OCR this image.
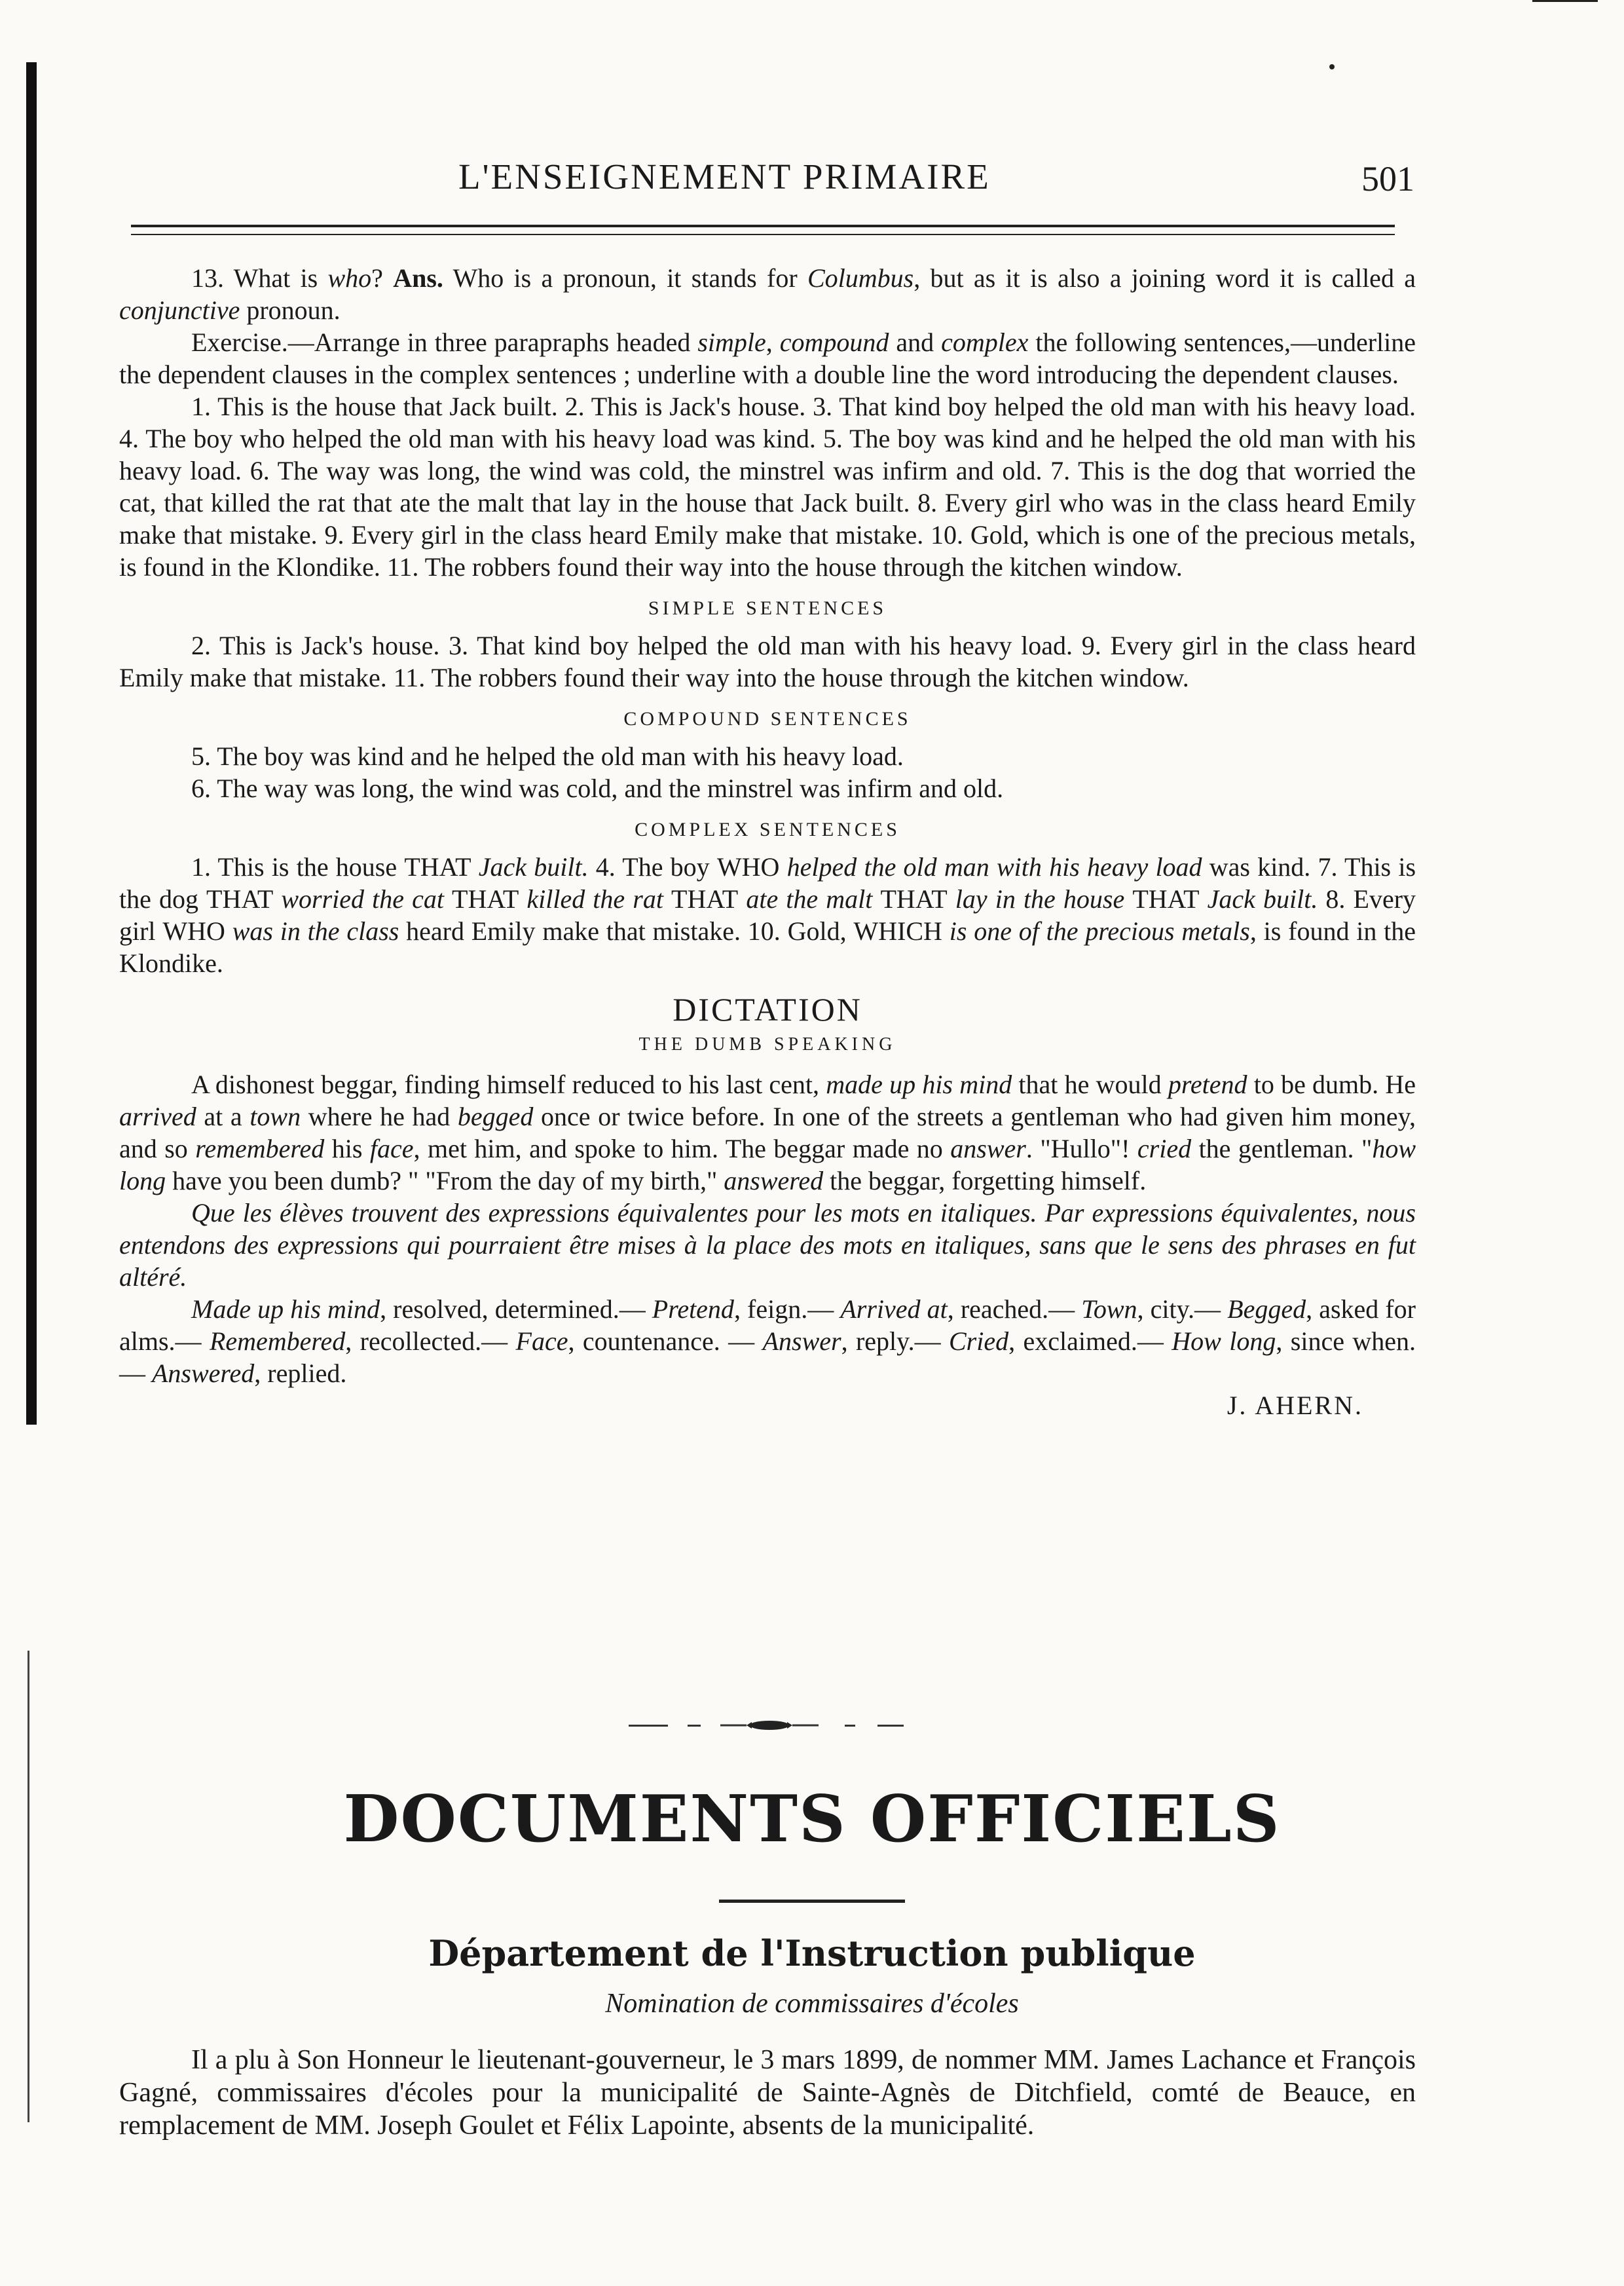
L'ENSEIGNEMENT PRIMAIRE	501

13. What is who? Ans. Who is a pronoun, it stands for Columbus, but as it is also a joining word it is called a conjunctive pronoun.

Exercise.—Arrange in three parapraphs headed simple, compound and complex the following sentences,—underline the dependent clauses in the complex sentences ; underline with a double line the word introducing the dependent clauses.

1. This is the house that Jack built. 2. This is Jack's house. 3. That kind boy helped the old man with his heavy load. 4. The boy who helped the old man with his heavy load was kind. 5. The boy was kind and he helped the old man with his heavy load. 6. The way was long, the wind was cold, the minstrel was infirm and old. 7. This is the dog that worried the cat, that killed the rat that ate the malt that lay in the house that Jack built. 8. Every girl who was in the class heard Emily make that mistake. 9. Every girl in the class heard Emily make that mistake. 10. Gold, which is one of the precious metals, is found in the Klondike. 11. The robbers found their way into the house through the kitchen window.

SIMPLE SENTENCES

2. This is Jack's house. 3. That kind boy helped the old man with his heavy load. 9. Every girl in the class heard Emily make that mistake. 11. The robbers found their way into the house through the kitchen window.

COMPOUND SENTENCES

5. The boy was kind and he helped the old man with his heavy load.

6. The way was long, the wind was cold, and the minstrel was infirm and old.

COMPLEX SENTENCES

1. This is the house THAT Jack built. 4. The boy WHO helped the old man with his heavy load was kind. 7. This is the dog THAT worried the cat THAT killed the rat THAT ate the malt THAT lay in the house THAT Jack built. 8. Every girl WHO was in the class heard Emily make that mistake. 10. Gold, WHICH is one of the precious metals, is found in the Klondike.

DICTATION

THE DUMB SPEAKING

A dishonest beggar, finding himself reduced to his last cent, made up his mind that he would pretend to be dumb. He arrived at a town where he had begged once or twice before. In one of the streets a gentleman who had given him money, and so remembered his face, met him, and spoke to him. The beggar made no answer. "Hullo"! cried the gentleman. "how long have you been dumb? " "From the day of my birth," answered the beggar, forgetting himself.

Que les élèves trouvent des expressions équivalentes pour les mots en italiques. Par expressions équivalentes, nous entendons des expressions qui pourraient être mises à la place des mots en italiques, sans que le sens des phrases en fut altéré.

Made up his mind, resolved, determined.— Pretend, feign.— Arrived at, reached.— Town, city.— Begged, asked for alms.— Remembered, recollected.— Face, countenance. — Answer, reply.— Cried, exclaimed.— How long, since when.— Answered, replied.

J. AHERN.

DOCUMENTS OFFICIELS
Département de l'Instruction publique
Nomination de commissaires d'écoles

Il a plu à Son Honneur le lieutenant-gouverneur, le 3 mars 1899, de nommer MM. James Lachance et François Gagné, commissaires d'écoles pour la municipalité de Sainte-Agnès de Ditchfield, comté de Beauce, en remplacement de MM. Joseph Goulet et Félix Lapointe, absents de la municipalité.
